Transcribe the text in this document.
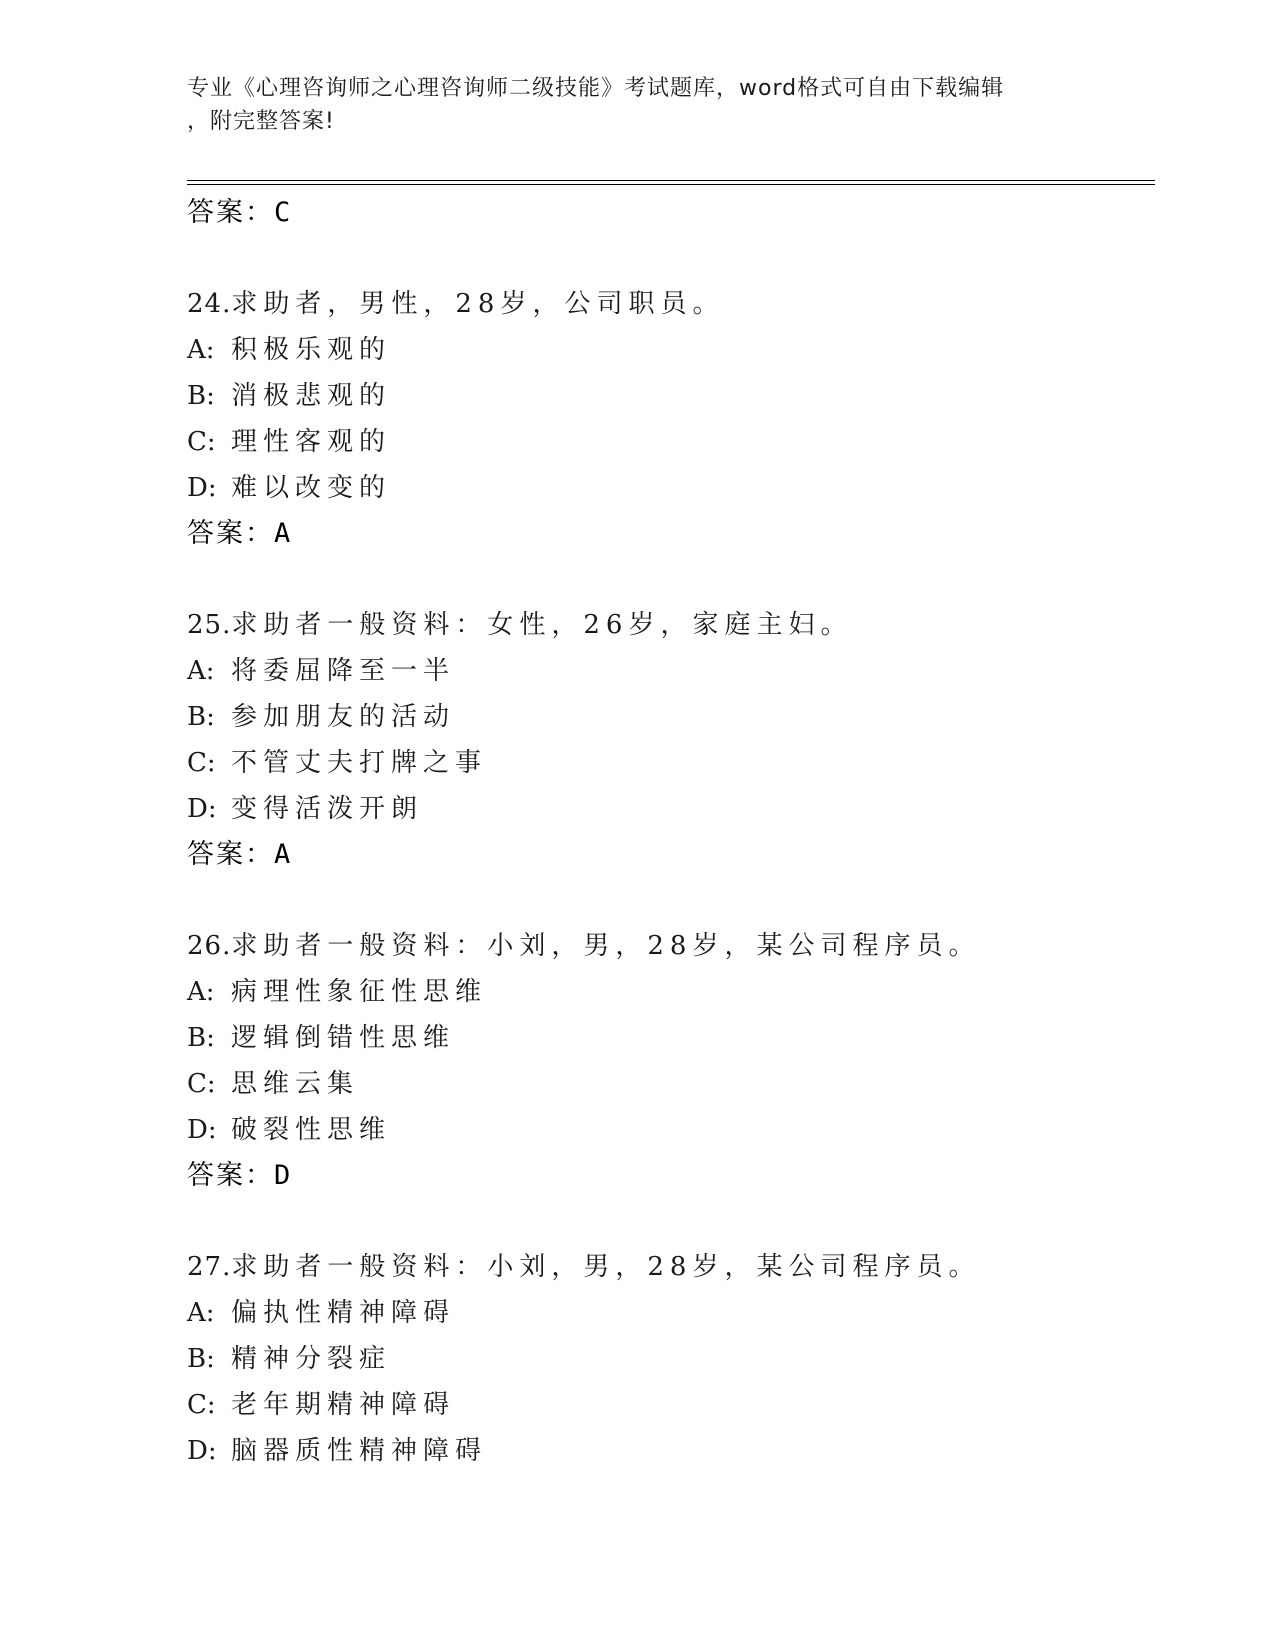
专业《心理咨询师之心理咨询师二级技能》考试题库，word格式可自由下载编辑
，附完整答案!
答案：C
24.求助者，男性，28岁，公司职员。
A: 积极乐观的
B: 消极悲观的
C: 理性客观的
D: 难以改变的
答案：A
25.求助者一般资料：女性，26岁，家庭主妇。
A: 将委屈降至一半
B: 参加朋友的活动
C: 不管丈夫打牌之事
D: 变得活泼开朗
答案：A
26.求助者一般资料：小刘，男，28岁，某公司程序员。
A: 病理性象征性思维
B: 逻辑倒错性思维
C: 思维云集
D: 破裂性思维
答案：D
27.求助者一般资料：小刘，男，28岁，某公司程序员。
A: 偏执性精神障碍
B: 精神分裂症
C: 老年期精神障碍
D: 脑器质性精神障碍
